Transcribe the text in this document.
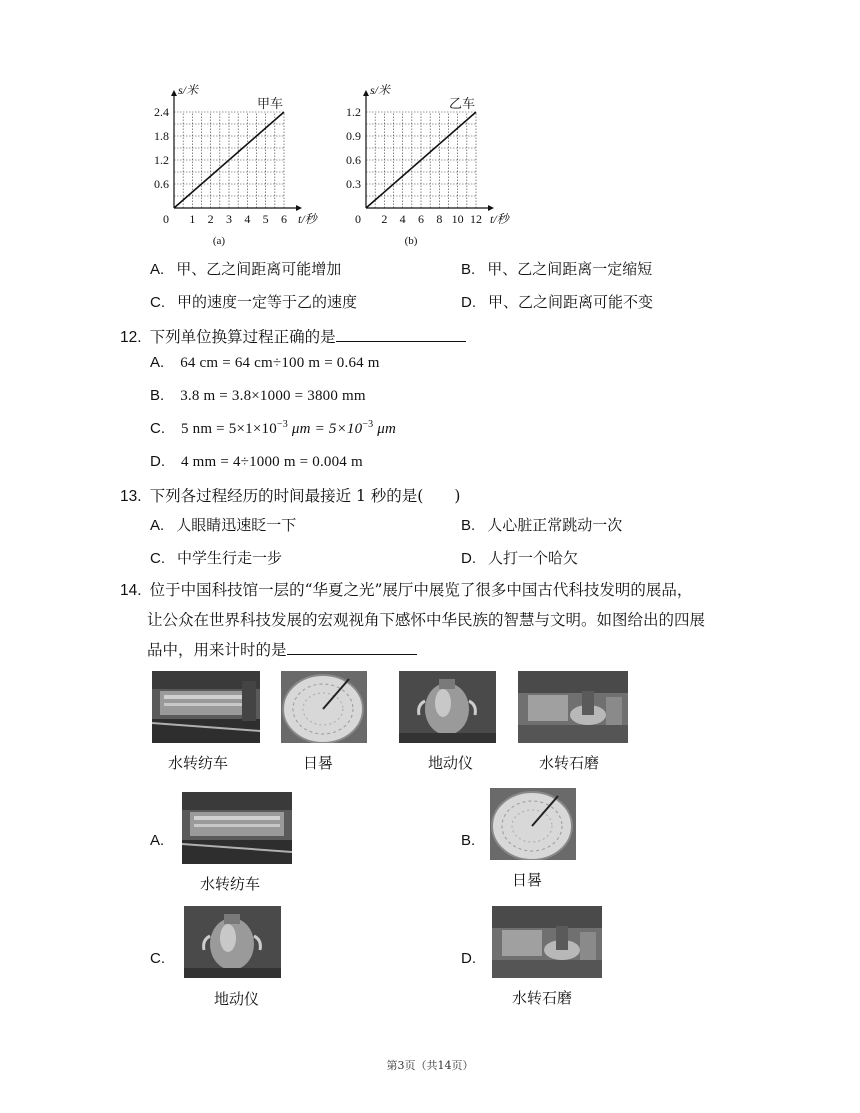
1 2 3 4 5 6
0.6
1.2
1.8
2.4
0
s/米
t/秒
甲车
(a)
2 4 6 8 10 12
0.3
0.6
0.9
1.2
0
s/米
t/秒
乙车
(b)
A. 甲、乙之间距离可能增加	B. 甲、乙之间距离一定缩短
C. 甲的速度一定等于乙的速度	D. 甲、乙之间距离可能不变
12. 下列单位换算过程正确的是
A. 64 cm = 64 cm÷100 m = 0.64 m
B. 3.8 m = 3.8×1000 = 3800 mm
C. 5 nm = $5\times 1\times 10^{-3}$ $\mu m = 5\times 10^{-3}$ μm
D. 4 mm = 4÷1000 m = 0.004 m
13. 下列各过程经历的时间最接近 1 秒的是(　　)
A. 人眼睛迅速眨一下	B. 人心脏正常跳动一次
C. 中学生行走一步	D. 人打一个哈欠
14. 位于中国科技馆一层的“华夏之光”展厅中展览了很多中国古代科技发明的展品，
让公众在世界科技发展的宏观视角下感怀中华民族的智慧与文明。如图给出的四展
品中，用来计时的是
水转纺车	日晷	地动仪	水转石磨
A.
水转纺车
B.
日晷
C.
地动仪
D.
水转石磨
第3页（共14页）
